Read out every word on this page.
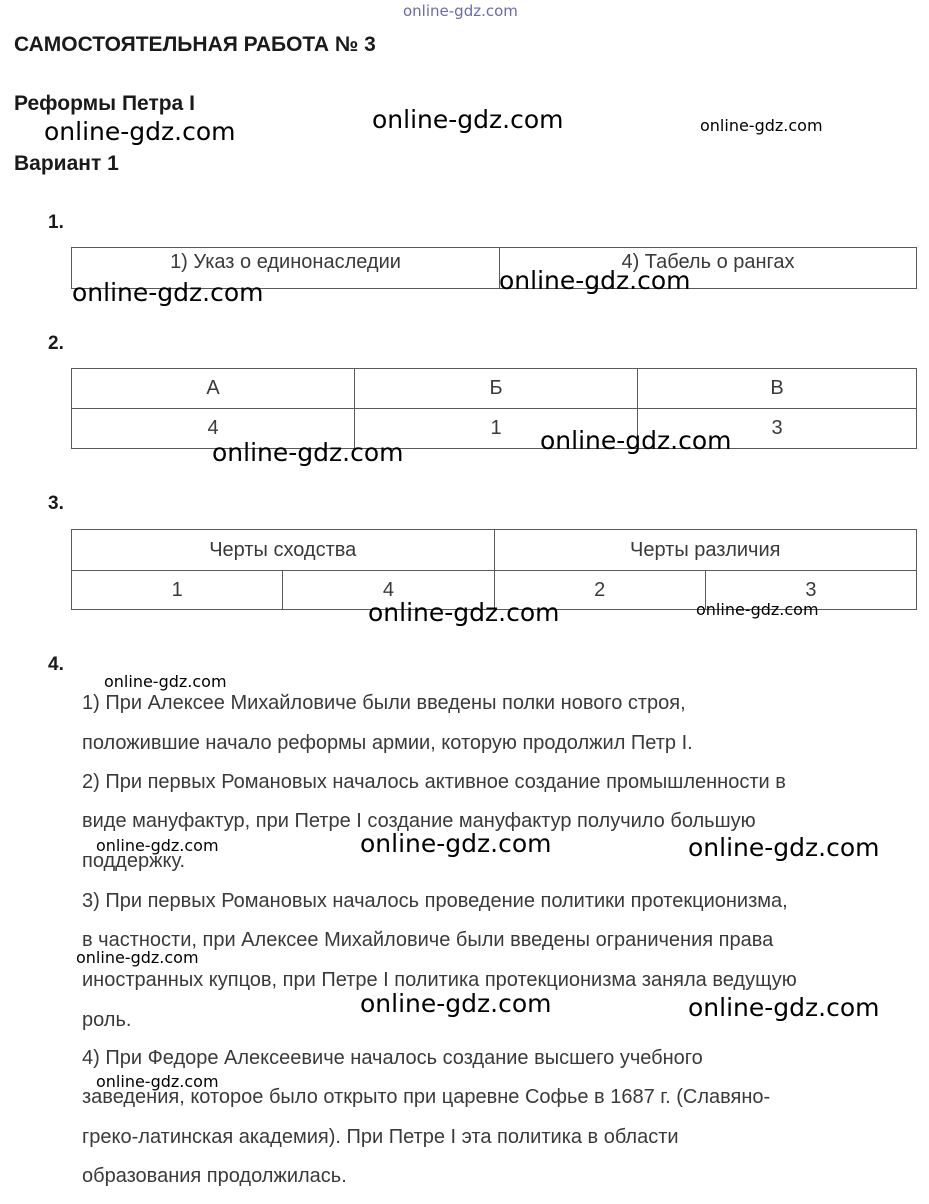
САМОСТОЯТЕЛЬНАЯ РАБОТА № 3
Реформы Петра I
Вариант 1
1.
1) Указ о единонаследии	4) Табель о рангах
2.
А	Б	В
4	1	3
3.
Черты сходства		Черты различия	
1	4	2	3
4.
1) При Алексее Михайловиче были введены полки нового строя,
положившие начало реформы армии, которую продолжил Петр I.
2) При первых Романовых началось активное создание промышленности в
виде мануфактур, при Петре I создание мануфактур получило большую
поддержку.
3) При первых Романовых началось проведение политики протекционизма,
в частности, при Алексее Михайловиче были введены ограничения права
иностранных купцов, при Петре I политика протекционизма заняла ведущую
роль.
4) При Федоре Алексеевиче началось создание высшего учебного
заведения, которое было открыто при царевне Софье в 1687 г. (Славяно-
греко-латинская академия). При Петре I эта политика в области
образования продолжилась.
online-gdz.com
online-gdz.com	online-gdz.com	online-gdz.com
online-gdz.com	online-gdz.com
online-gdz.com	online-gdz.com
online-gdz.com	online-gdz.com
online-gdz.com
online-gdz.com	online-gdz.com	online-gdz.com
online-gdz.com
online-gdz.com	online-gdz.com
online-gdz.com
